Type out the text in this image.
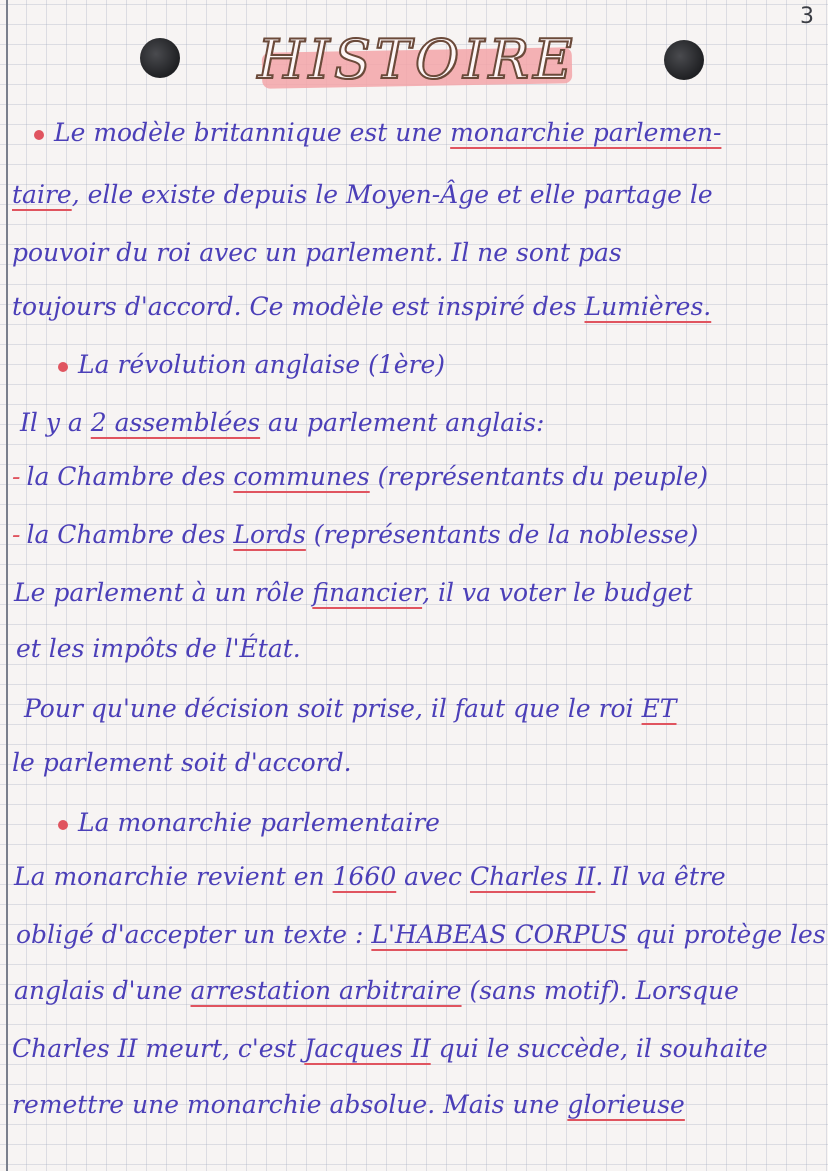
3
HISTOIRE
Le modèle britannique est une monarchie parlemen-
taire, elle existe depuis le Moyen-Âge et elle partage le
pouvoir du roi avec un parlement. Il ne sont pas
toujours d'accord. Ce modèle est inspiré des Lumières.
La révolution anglaise (1ère)
Il y a 2 assemblées au parlement anglais:
- la Chambre des communes (représentants du peuple)
- la Chambre des Lords (représentants de la noblesse)
Le parlement à un rôle financier, il va voter le budget
et les impôts de l'État.
Pour qu'une décision soit prise, il faut que le roi ET
le parlement soit d'accord.
La monarchie parlementaire
La monarchie revient en 1660 avec Charles II. Il va être
obligé d'accepter un texte : L'HABEAS CORPUS qui protège les
anglais d'une arrestation arbitraire (sans motif). Lorsque
Charles II meurt, c'est Jacques II qui le succède, il souhaite
remettre une monarchie absolue. Mais une glorieuse
